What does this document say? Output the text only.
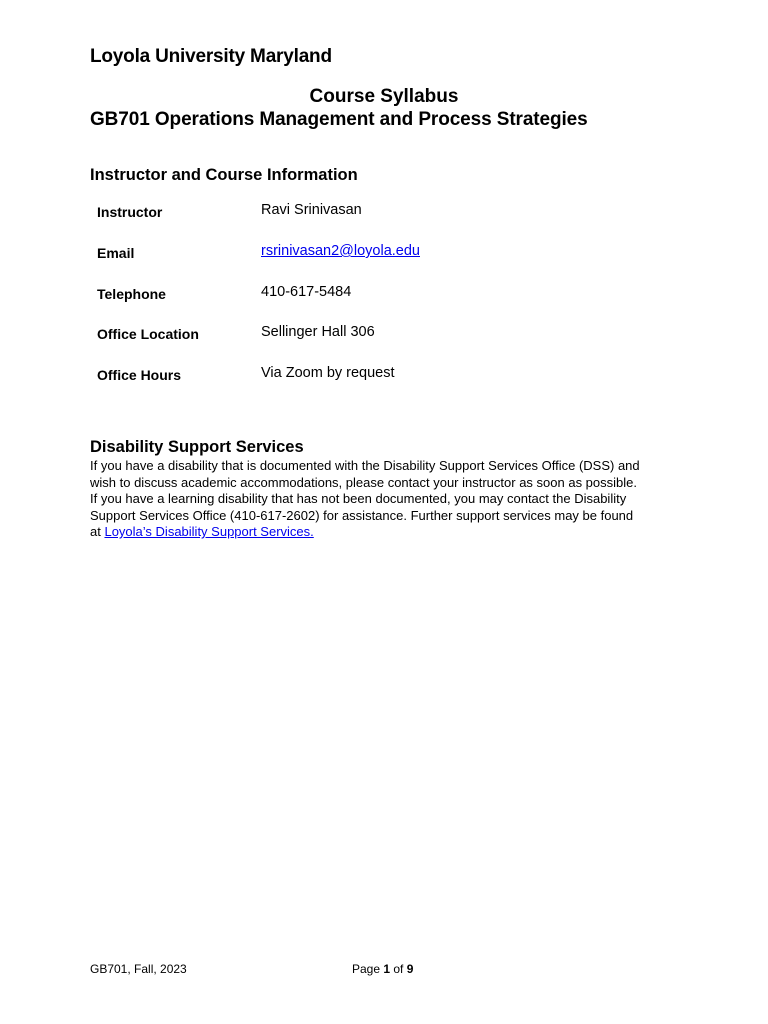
Loyola University Maryland
Course Syllabus
GB701 Operations Management and Process Strategies
Instructor and Course Information
Instructor	Ravi Srinivasan
Email	rsrinivasan2@loyola.edu
Telephone	410-617-5484
Office Location	Sellinger Hall 306
Office Hours	Via Zoom by request
Disability Support Services
If you have a disability that is documented with the Disability Support Services Office (DSS) and
wish to discuss academic accommodations, please contact your instructor as soon as possible.
If you have a learning disability that has not been documented, you may contact the Disability
Support Services Office (410-617-2602) for assistance. Further support services may be found
at Loyola’s Disability Support Services.
GB701, Fall, 2023	Page 1 of 9
